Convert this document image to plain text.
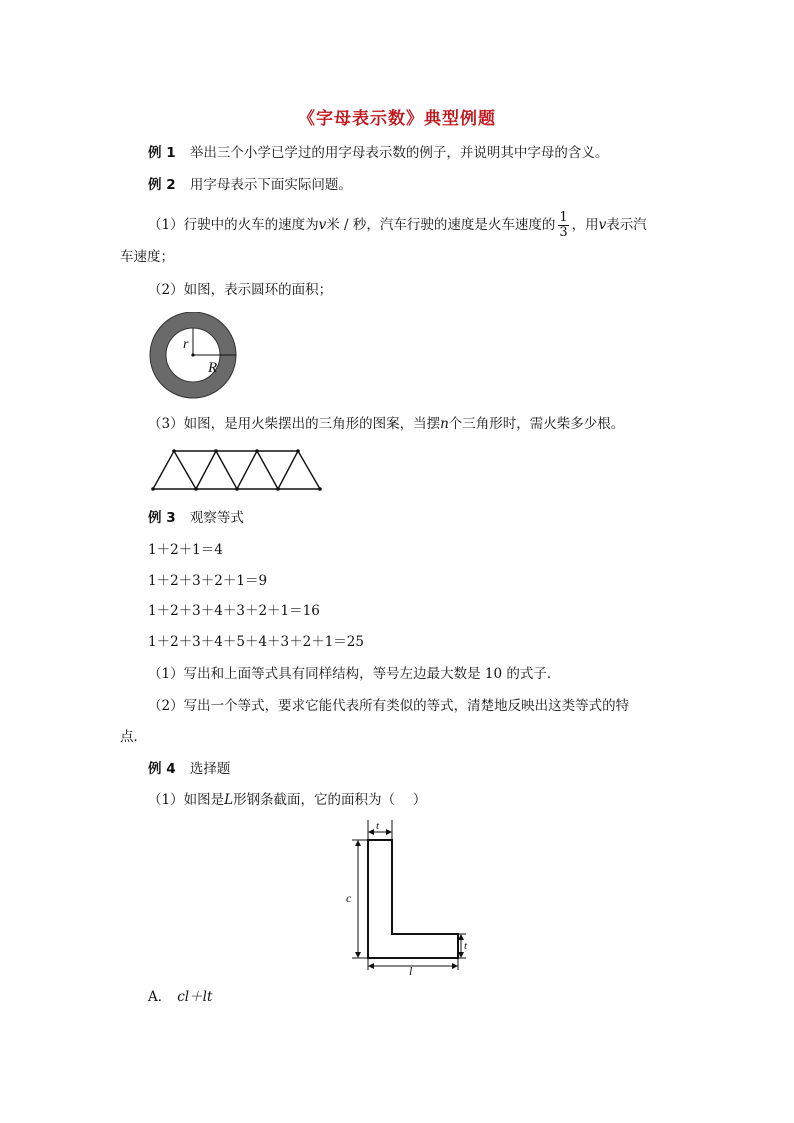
《字母表示数》典型例题
例 1 举出三个小学已学过的用字母表示数的例子，并说明其中字母的含义。
例 2 用字母表示下面实际问题。
（1）行驶中的火车的速度为v米 / 秒，汽车行驶的速度是火车速度的 $\frac{1}{3}$ ，用v表示汽
车速度；
（2）如图，表示圆环的面积；
r
R
（3）如图，是用火柴摆出的三角形的图案，当摆n个三角形时，需火柴多少根。
例 3 观察等式
1＋2＋1＝4
1＋2＋3＋2＋1＝9
1＋2＋3＋4＋3＋2＋1＝16
1＋2＋3＋4＋5＋4＋3＋2＋1＝25
（1）写出和上面等式具有同样结构，等号左边最大数是 10 的式子．
（2）写出一个等式，要求它能代表所有类似的等式，清楚地反映出这类等式的特
点．
例 4 选择题
（1）如图是L形钢条截面，它的面积为（　 ）
t
c
t
l
A． cl＋lt
